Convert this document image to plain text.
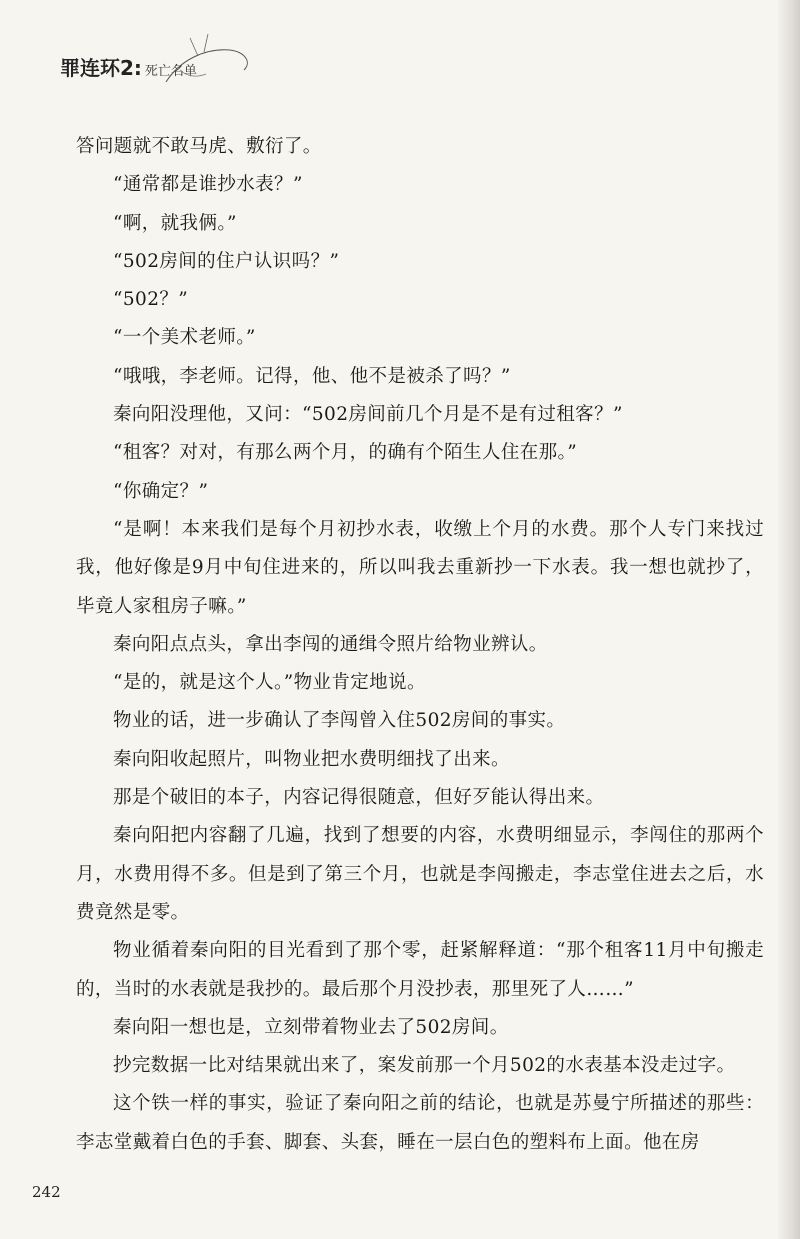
罪连环2: 死亡名单

答问题就不敢马虎、敷衍了。

“通常都是谁抄水表？”

“啊，就我俩。”

“502房间的住户认识吗？”

“502？”

“一个美术老师。”

“哦哦，李老师。记得，他、他不是被杀了吗？”

秦向阳没理他，又问：“502房间前几个月是不是有过租客？”

“租客？对对，有那么两个月，的确有个陌生人住在那。”

“你确定？”

“是啊！本来我们是每个月初抄水表，收缴上个月的水费。那个人专门来找过我，他好像是9月中旬住进来的，所以叫我去重新抄一下水表。我一想也就抄了，毕竟人家租房子嘛。”

秦向阳点点头，拿出李闯的通缉令照片给物业辨认。

“是的，就是这个人。”物业肯定地说。

物业的话，进一步确认了李闯曾入住502房间的事实。

秦向阳收起照片，叫物业把水费明细找了出来。

那是个破旧的本子，内容记得很随意，但好歹能认得出来。

秦向阳把内容翻了几遍，找到了想要的内容，水费明细显示，李闯住的那两个月，水费用得不多。但是到了第三个月，也就是李闯搬走，李志堂住进去之后，水费竟然是零。

物业循着秦向阳的目光看到了那个零，赶紧解释道：“那个租客11月中旬搬走的，当时的水表就是我抄的。最后那个月没抄表，那里死了人……”

秦向阳一想也是，立刻带着物业去了502房间。

抄完数据一比对结果就出来了，案发前那一个月502的水表基本没走过字。

这个铁一样的事实，验证了秦向阳之前的结论，也就是苏曼宁所描述的那些：李志堂戴着白色的手套、脚套、头套，睡在一层白色的塑料布上面。他在房

242
